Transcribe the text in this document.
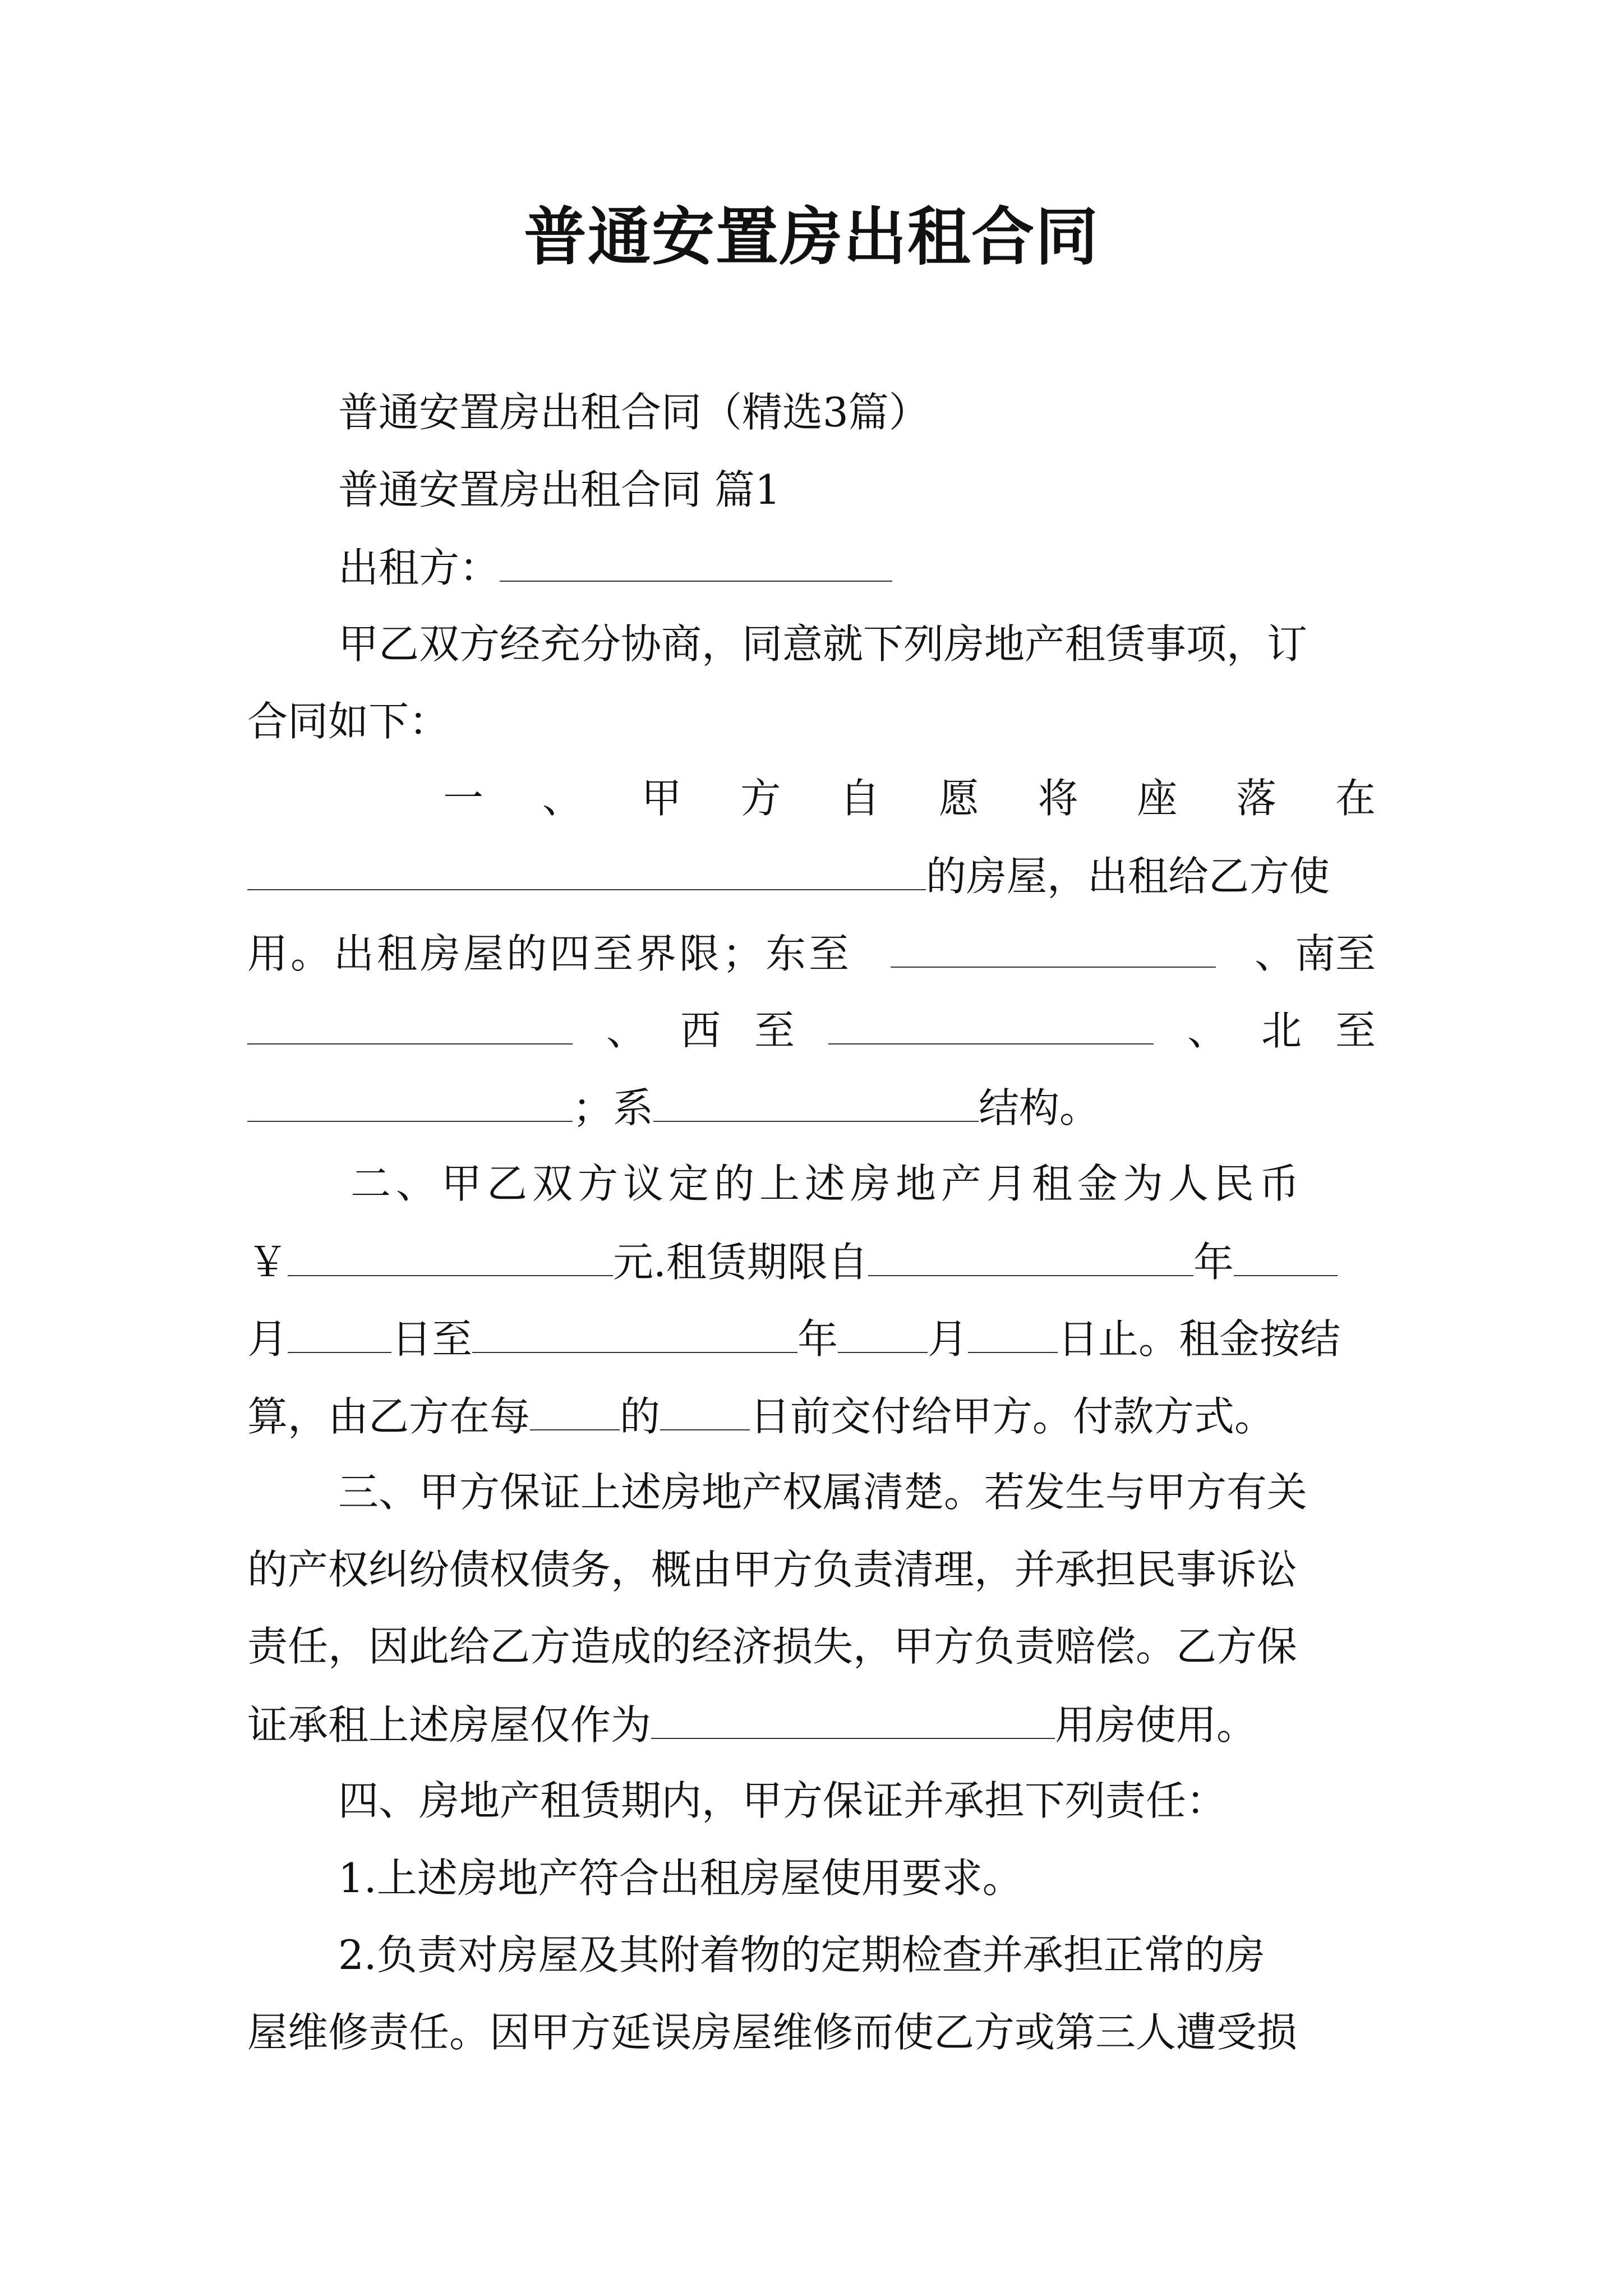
普通安置房出租合同
普通安置房出租合同（精选3篇）
普通安置房出租合同 篇1
出租方：
甲乙双方经充分协商，同意就下列房地产租赁事项，订
合同如下：
一 、 甲 方 自 愿 将 座 落 在
的房屋，出租给乙方使
用。出租房屋的四至界限；东至	、南至
、 西 至	、 北 至
；系	结构。
二、甲乙双方议定的上述房地产月租金为人民币
￥	元.租赁期限自	年
月	日至	年 月 日止。租金按结
算，由乙方在每 的 日前交付给甲方。付款方式。
三、甲方保证上述房地产权属清楚。若发生与甲方有关
的产权纠纷债权债务，概由甲方负责清理，并承担民事诉讼
责任，因此给乙方造成的经济损失，甲方负责赔偿。乙方保
证承租上述房屋仅作为	用房使用。
四、房地产租赁期内，甲方保证并承担下列责任：
1.上述房地产符合出租房屋使用要求。
2.负责对房屋及其附着物的定期检查并承担正常的房
屋维修责任。因甲方延误房屋维修而使乙方或第三人遭受损
